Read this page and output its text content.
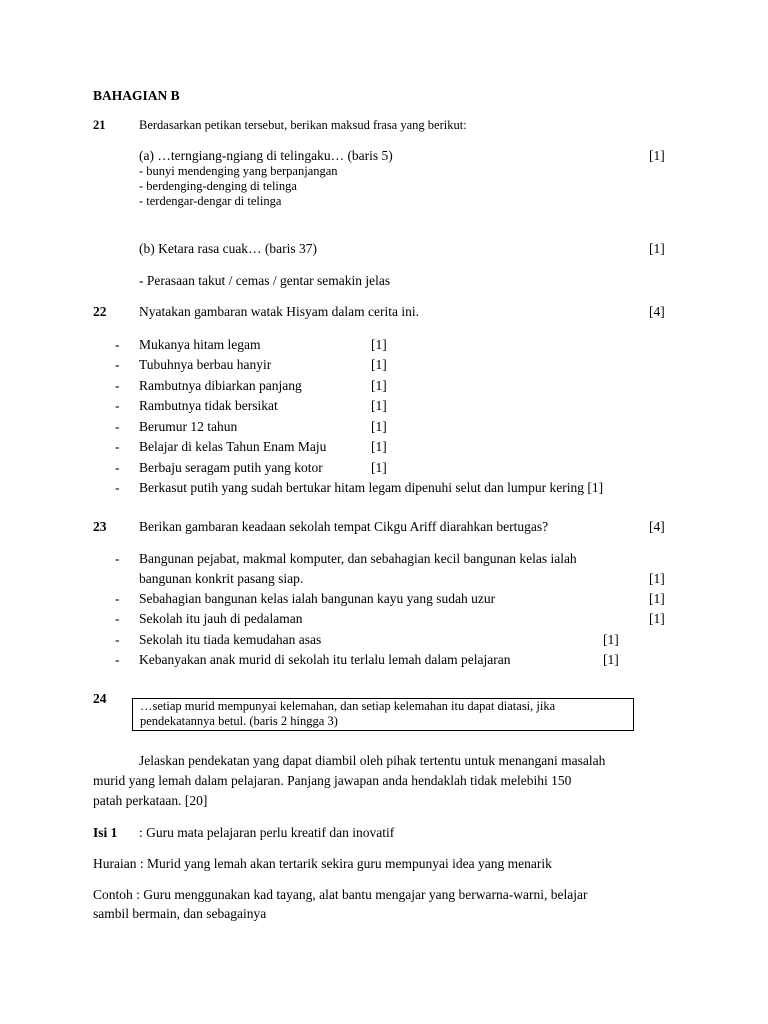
BAHAGIAN B
21	Berdasarkan petikan tersebut, berikan maksud frasa yang berikut:
(a) …terngiang-ngiang di telingaku… (baris 5)	[1]
- bunyi mendenging yang berpanjangan
- berdenging-denging di telinga
- terdengar-dengar di telinga
(b) Ketara rasa cuak… (baris 37)	[1]
- Perasaan takut / cemas / gentar semakin jelas
22 Nyatakan gambaran watak Hisyam dalam cerita ini.	[4]
- Mukanya hitam legam	[1]
- Tubuhnya berbau hanyir	[1]
- Rambutnya dibiarkan panjang	[1]
- Rambutnya tidak bersikat	[1]
- Berumur 12 tahun	[1]
- Belajar di kelas Tahun Enam Maju	[1]
- Berbaju seragam putih yang kotor	[1]
- Berkasut putih yang sudah bertukar hitam legam dipenuhi selut dan lumpur kering [1]
23 Berikan gambaran keadaan sekolah tempat Cikgu Ariff diarahkan bertugas?	[4]
- Bangunan pejabat, makmal komputer, dan sebahagian kecil bangunan kelas ialah
bangunan konkrit pasang siap.	[1]
- Sebahagian bangunan kelas ialah bangunan kayu yang sudah uzur	[1]
- Sekolah itu jauh di pedalaman	[1]
- Sekolah itu tiada kemudahan asas	[1]
- Kebanyakan anak murid di sekolah itu terlalu lemah dalam pelajaran	[1]
24	…setiap murid mempunyai kelemahan, dan setiap kelemahan itu dapat diatasi, jika
pendekatannya betul. (baris 2 hingga 3)
Jelaskan pendekatan yang dapat diambil oleh pihak tertentu untuk menangani masalah
murid yang lemah dalam pelajaran. Panjang jawapan anda hendaklah tidak melebihi 150
patah perkataan. [20]
Isi 1 : Guru mata pelajaran perlu kreatif dan inovatif
Huraian : Murid yang lemah akan tertarik sekira guru mempunyai idea yang menarik
Contoh : Guru menggunakan kad tayang, alat bantu mengajar yang berwarna-warni, belajar
sambil bermain, dan sebagainya
